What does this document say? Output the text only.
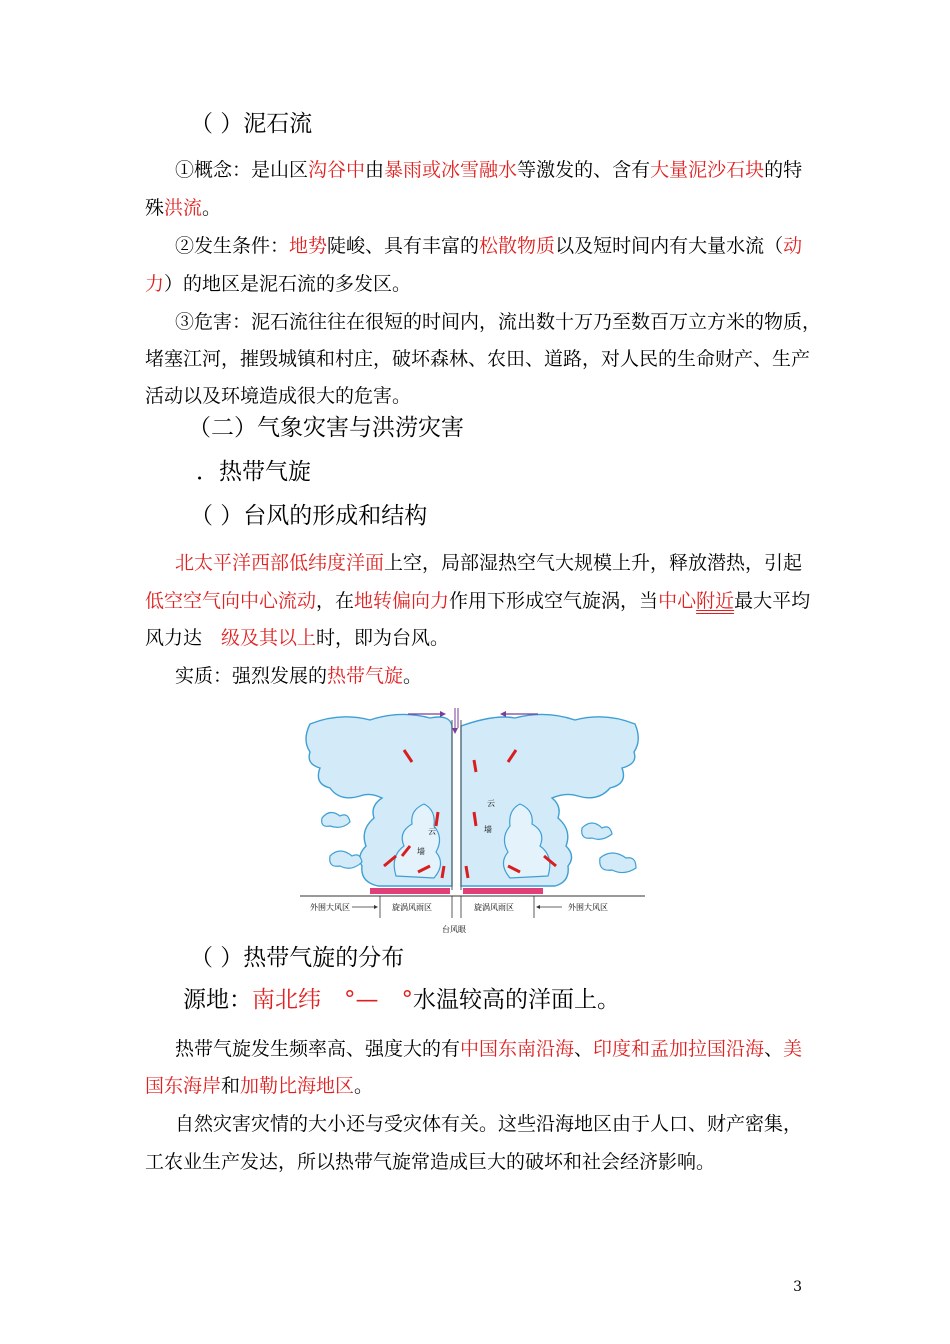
（ ）泥石流
①概念：是山区沟谷中由暴雨或冰雪融水等激发的、含有大量泥沙石块的特
殊洪流。
②发生条件：地势陡峻、具有丰富的松散物质以及短时间内有大量水流（动
力）的地区是泥石流的多发区。
③危害：泥石流往往在很短的时间内，流出数十万乃至数百万立方米的物质，
堵塞江河，摧毁城镇和村庄，破坏森林、农田、道路，对人民的生命财产、生产
活动以及环境造成很大的危害。
（二）气象灾害与洪涝灾害
．热带气旋
（ ）台风的形成和结构
北太平洋西部低纬度洋面上空，局部湿热空气大规模上升，释放潜热，引起
低空空气向中心流动，在地转偏向力作用下形成空气旋涡，当中心附近最大平均
风力达　级及其以上时，即为台风。
实质：强烈发展的热带气旋。
云
墙
云
墙
外围大风区	旋涡风雨区	旋涡风雨区	外围大风区
台风眼
（ ）热带气旋的分布
源地：南北纬　°—　°水温较高的洋面上。
热带气旋发生频率高、强度大的有中国东南沿海、印度和孟加拉国沿海、美
国东海岸和加勒比海地区。
自然灾害灾情的大小还与受灾体有关。这些沿海地区由于人口、财产密集，
工农业生产发达，所以热带气旋常造成巨大的破坏和社会经济影响。
3
